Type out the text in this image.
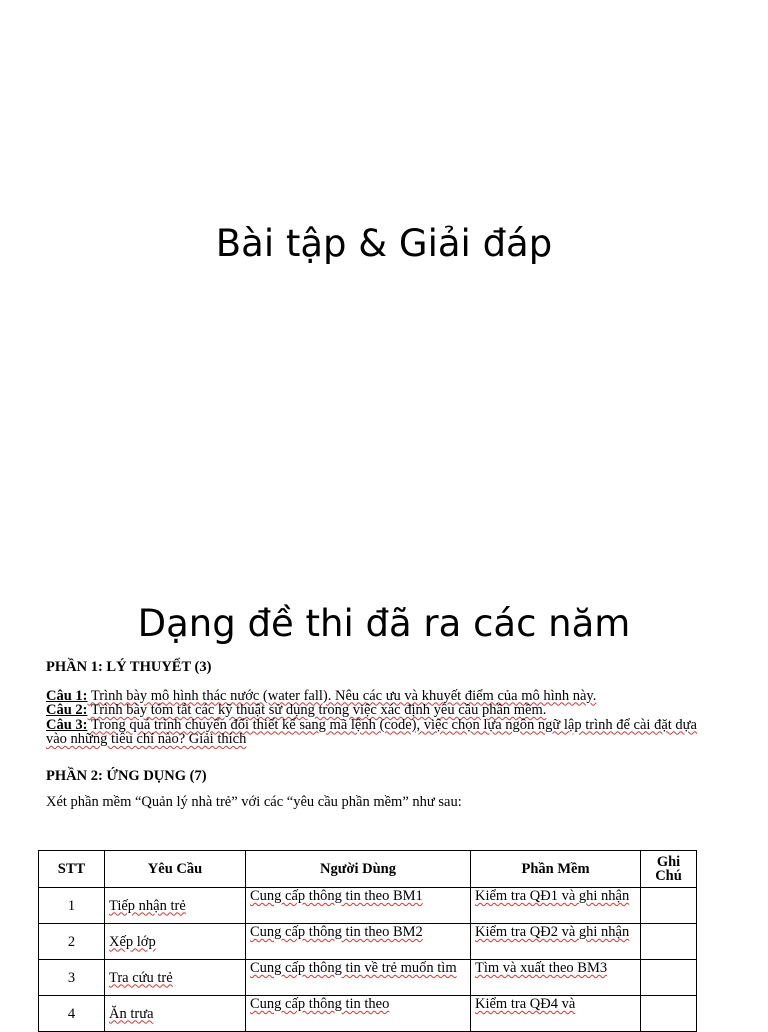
Bài tập & Giải đáp
Dạng đề thi đã ra các năm

PHẦN 1: LÝ THUYẾT (3)

Câu 1: Trình bày mô hình thác nước (water fall). Nêu các ưu và khuyết điểm của mô hình này.

Câu 2: Trình bày tóm tắt các kỹ thuật sử dụng trong việc xác định yêu cầu phần mềm.

Câu 3: Trong quá trình chuyển đổi thiết kế sang mã lệnh (code), việc chọn lựa ngôn ngữ lập trình để cài đặt dựa vào những tiêu chí nào? Giải thích

PHẦN 2: ỨNG DỤNG (7)

Xét phần mềm “Quản lý nhà trẻ” với các “yêu cầu phần mềm” như sau:

STT	Yêu Cầu	Người Dùng	Phần Mềm	Ghi Chú
1	Tiếp nhận trẻ	Cung cấp thông tin theo BM1	Kiểm tra QĐ1 và ghi nhận	
2	Xếp lớp	Cung cấp thông tin theo BM2	Kiểm tra QĐ2 và ghi nhận	
3	Tra cứu trẻ	Cung cấp thông tin về trẻ muốn tìm	Tìm và xuất theo BM3	
4	Ăn trưa	Cung cấp thông tin theo	Kiểm tra QĐ4 và	
